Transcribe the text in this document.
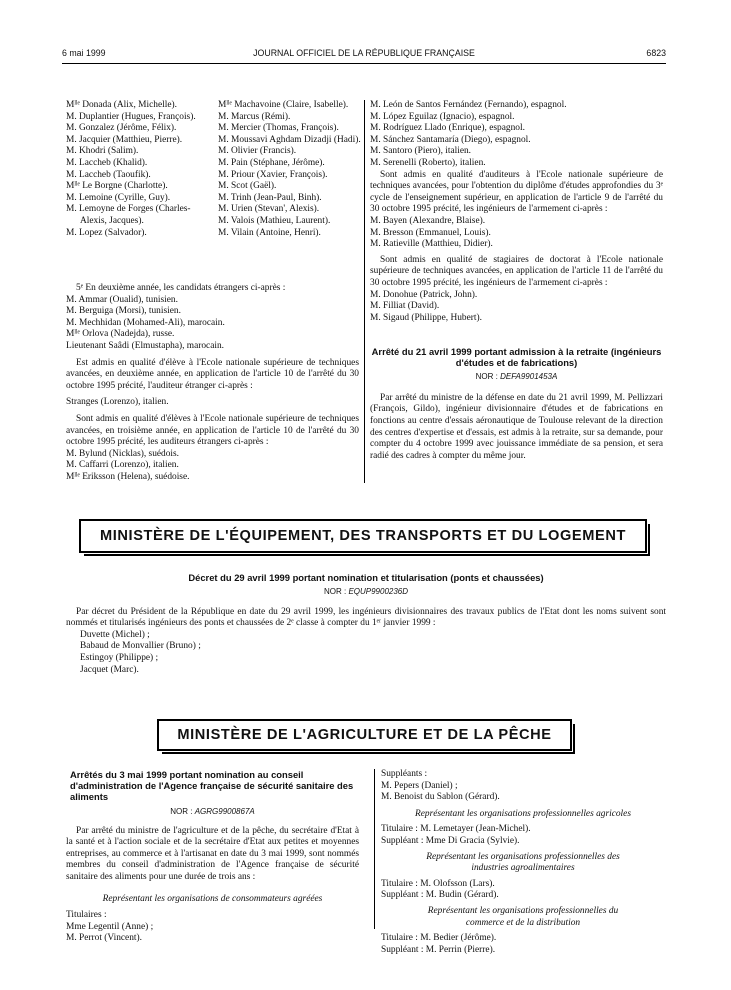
6 mai 1999	JOURNAL OFFICIEL DE LA RÉPUBLIQUE FRANÇAISE	6823
Mˡˡᵉ Donada (Alix, Michelle).
M. Duplantier (Hugues, François).
M. Gonzalez (Jérôme, Félix).
M. Jacquier (Matthieu, Pierre).
M. Khodri (Salim).
M. Laccheb (Khalid).
M. Laccheb (Taoufik).
Mˡˡᵉ Le Borgne (Charlotte).
M. Lemoine (Cyrille, Guy).
M. Lemoyne de Forges (Charles-Alexis, Jacques).
M. Lopez (Salvador).
Mˡˡᵉ Machavoine (Claire, Isabelle).
M. Marcus (Rémi).
M. Mercier (Thomas, François).
M. Moussavi Aghdam Dizadji (Hadi).
M. Olivier (Francis).
M. Pain (Stéphane, Jérôme).
M. Priour (Xavier, François).
M. Scot (Gaël).
M. Trinh (Jean-Paul, Binh).
M. Urien (Stevan', Alexis).
M. Valois (Mathieu, Laurent).
M. Vilain (Antoine, Henri).

5ᵉ En deuxième année, les candidats étrangers ci-après :

M. Ammar (Oualid), tunisien.
M. Berguiga (Morsi), tunisien.
M. Mechhidan (Mohamed-Ali), marocain.
Mˡˡᵉ Orlova (Nadejda), russe.
Lieutenant Saâdi (Elmustapha), marocain.

Est admis en qualité d'élève à l'Ecole nationale supérieure de techniques avancées, en deuxième année, en application de l'article 10 de l'arrêté du 30 octobre 1995 précité, l'auditeur étranger ci-après :

Stranges (Lorenzo), italien.

Sont admis en qualité d'élèves à l'Ecole nationale supérieure de techniques avancées, en troisième année, en application de l'article 10 de l'arrêté du 30 octobre 1995 précité, les auditeurs étrangers ci-après :

M. Bylund (Nicklas), suédois.
M. Caffarri (Lorenzo), italien.
Mˡˡᵉ Eriksson (Helena), suédoise.
M. León de Santos Fernández (Fernando), espagnol.
M. López Eguilaz (Ignacio), espagnol.
M. Rodríguez Llado (Enrique), espagnol.
M. Sánchez Santamaría (Diego), espagnol.
M. Santoro (Piero), italien.
M. Serenelli (Roberto), italien.

Sont admis en qualité d'auditeurs à l'Ecole nationale supérieure de techniques avancées, pour l'obtention du diplôme d'études approfondies du 3ᵉ cycle de l'enseignement supérieur, en application de l'article 9 de l'arrêté du 30 octobre 1995 précité, les ingénieurs de l'armement ci-après :

M. Bayen (Alexandre, Blaise).
M. Bresson (Emmanuel, Louis).
M. Ratieville (Matthieu, Didier).

Sont admis en qualité de stagiaires de doctorat à l'Ecole nationale supérieure de techniques avancées, en application de l'article 11 de l'arrêté du 30 octobre 1995 précité, les ingénieurs de l'armement ci-après :

M. Donohue (Patrick, John).
M. Filliat (David).
M. Sigaud (Philippe, Hubert).
Arrêté du 21 avril 1999 portant admission à la retraite (ingénieurs d'études et de fabrications)
NOR : DEFA9901453A

Par arrêté du ministre de la défense en date du 21 avril 1999, M. Pellizzari (François, Gildo), ingénieur divisionnaire d'études et de fabrications en fonctions au centre d'essais aéronautique de Toulouse relevant de la direction des centres d'expertise et d'essais, est admis à la retraite, sur sa demande, pour compter du 4 octobre 1999 avec jouissance immédiate de sa pension, et sera radié des cadres à compter du même jour.

MINISTÈRE DE L'ÉQUIPEMENT, DES TRANSPORTS ET DU LOGEMENT
Décret du 29 avril 1999 portant nomination et titularisation (ponts et chaussées)
NOR : EQUP9900236D

Par décret du Président de la République en date du 29 avril 1999, les ingénieurs divisionnaires des travaux publics de l'Etat dont les noms suivent sont nommés et titularisés ingénieurs des ponts et chaussées de 2ᵉ classe à compter du 1ᵉʳ janvier 1999 :

Duvette (Michel) ;
Babaud de Monvallier (Bruno) ;
Estingoy (Philippe) ;
Jacquet (Marc).
MINISTÈRE DE L'AGRICULTURE ET DE LA PÊCHE
Arrêtés du 3 mai 1999 portant nomination au conseil d'administration de l'Agence française de sécurité sanitaire des aliments
NOR : AGRG9900867A

Par arrêté du ministre de l'agriculture et de la pêche, du secrétaire d'Etat à la santé et à l'action sociale et de la secrétaire d'Etat aux petites et moyennes entreprises, au commerce et à l'artisanat en date du 3 mai 1999, sont nommés membres du conseil d'administration de l'Agence française de sécurité sanitaire des aliments pour une durée de trois ans :

Représentant les organisations de consommateurs agréées
Titulaires :
Mme Legentil (Anne) ;
M. Perrot (Vincent).
Suppléants :
M. Pepers (Daniel) ;
M. Benoist du Sablon (Gérard).
Représentant les organisations professionnelles agricoles
Titulaire : M. Lemetayer (Jean-Michel).
Suppléant : Mme Di Gracia (Sylvie).
Représentant les organisations professionnelles des industries agroalimentaires
Titulaire : M. Olofsson (Lars).
Suppléant : M. Budin (Gérard).
Représentant les organisations professionnelles du commerce et de la distribution
Titulaire : M. Bedier (Jérôme).
Suppléant : M. Perrin (Pierre).
